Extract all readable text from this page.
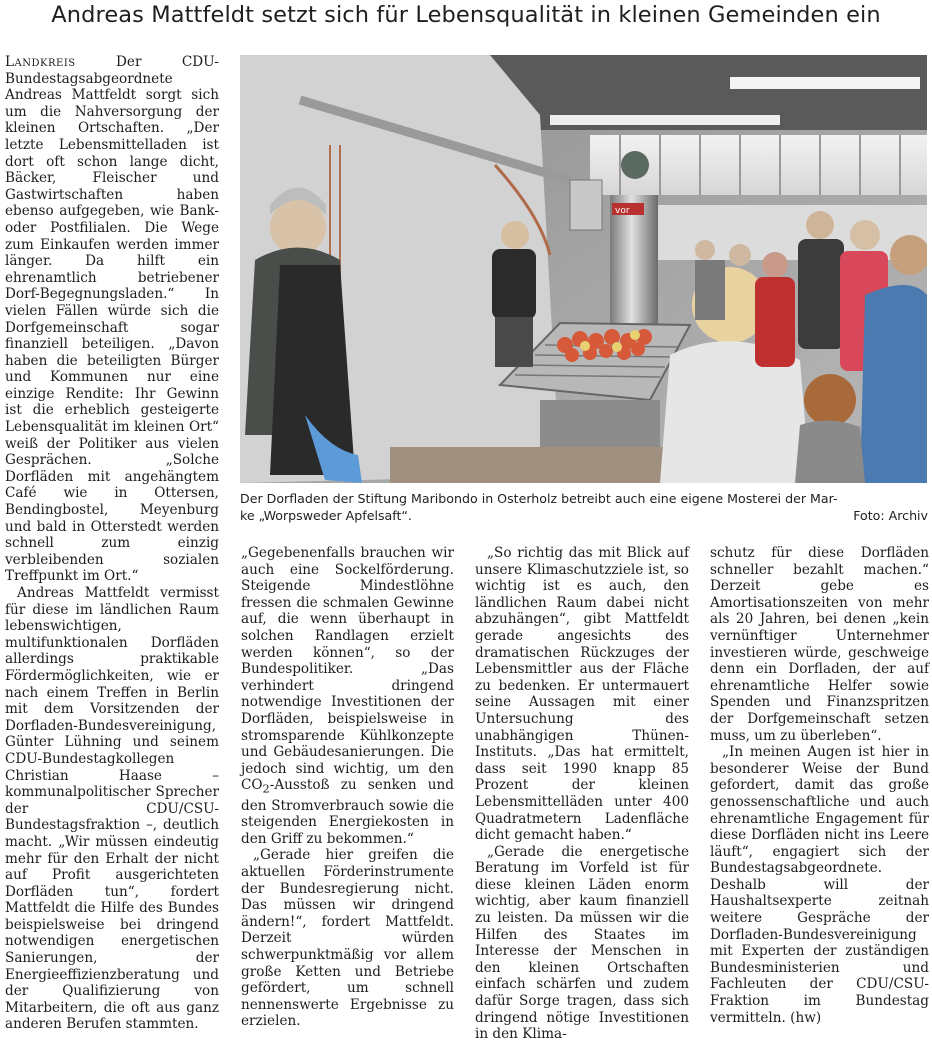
Andreas Mattfeldt setzt sich für Lebensqualität in kleinen Gemeinden ein

Landkreis Der CDU-Bundestagsabgeordnete Andreas Mattfeldt sorgt sich um die Nahversorgung der kleinen Ortschaften. „Der letzte Lebensmittelladen ist dort oft schon lange dicht, Bäcker, Fleischer und Gastwirtschaften haben ebenso aufgegeben, wie Bank- oder Postfilialen. Die Wege zum Einkaufen werden immer länger. Da hilft ein ehrenamtlich betriebener Dorf-Begegnungsladen.“ In vielen Fällen würde sich die Dorfgemeinschaft sogar finanziell beteiligen. „Davon haben die beteiligten Bürger und Kommunen nur eine einzige Rendite: Ihr Gewinn ist die erheblich gesteigerte Lebensqualität im kleinen Ort“ weiß der Politiker aus vielen Gesprächen. „Solche Dorfläden mit angehängtem Café wie in Ottersen, Bendingbostel, Meyenburg und bald in Otterstedt werden schnell zum einzig verbleibenden sozialen Treffpunkt im Ort.“

Andreas Mattfeldt vermisst für diese im ländlichen Raum lebenswichtigen, multifunktionalen Dorfläden allerdings praktikable Fördermöglichkeiten, wie er nach einem Treffen in Berlin mit dem Vorsitzenden der Dorfladen-Bundesvereinigung, Günter Lühning und seinem CDU-Bundestagkollegen Christian Haase – kommunalpolitischer Sprecher der CDU/CSU-Bundestagsfraktion –, deutlich macht. „Wir müssen eindeutig mehr für den Erhalt der nicht auf Profit ausgerichteten Dorfläden tun“, fordert Mattfeldt die Hilfe des Bundes beispielsweise bei dringend notwendigen energetischen Sanierungen, der Energieeffizienzberatung und der Qualifizierung von Mitarbeitern, die oft aus ganz anderen Berufen stammten.

vor
Der Dorfladen der Stiftung Maribondo in Osterholz betreibt auch eine eigene Mosterei der Mar-
ke „Worpsweder Apfelsaft“.	Foto: Archiv

„Gegebenenfalls brauchen wir auch eine Sockelförderung. Steigende Mindestlöhne fressen die schmalen Gewinne auf, die wenn überhaupt in solchen Randlagen erzielt werden können“, so der Bundespolitiker. „Das verhindert dringend notwendige Investitionen der Dorfläden, beispielsweise in stromsparende Kühlkonzepte und Gebäudesanierungen. Die jedoch sind wichtig, um den $CO_2$-Ausstoß zu senken und den Stromverbrauch sowie die steigenden Energiekosten in den Griff zu bekommen.“

„Gerade hier greifen die aktuellen Förderinstrumente der Bundesregierung nicht. Das müssen wir dringend ändern!“, fordert Mattfeldt. Derzeit würden schwerpunktmäßig vor allem große Ketten und Betriebe gefördert, um schnell nennenswerte Ergebnisse zu erzielen.

„So richtig das mit Blick auf unsere Klimaschutzziele ist, so wichtig ist es auch, den ländlichen Raum dabei nicht abzuhängen“, gibt Mattfeldt gerade angesichts des dramatischen Rückzuges der Lebensmittler aus der Fläche zu bedenken. Er untermauert seine Aussagen mit einer Untersuchung des unabhängigen Thünen-Instituts. „Das hat ermittelt, dass seit 1990 knapp 85 Prozent der kleinen Lebensmittelläden unter 400 Quadratmetern Ladenfläche dicht gemacht haben.“

„Gerade die energetische Beratung im Vorfeld ist für diese kleinen Läden enorm wichtig, aber kaum finanziell zu leisten. Da müssen wir die Hilfen des Staates im Interesse der Menschen in den kleinen Ortschaften einfach schärfen und zudem dafür Sorge tragen, dass sich dringend nötige Investitionen in den Klima-

schutz für diese Dorfläden schneller bezahlt machen.“ Derzeit gebe es Amortisationszeiten von mehr als 20 Jahren, bei denen „kein vernünftiger Unternehmer investieren würde, geschweige denn ein Dorfladen, der auf ehrenamtliche Helfer sowie Spenden und Finanzspritzen der Dorfgemeinschaft setzen muss, um zu überleben“.

„In meinen Augen ist hier in besonderer Weise der Bund gefordert, damit das große genossenschaftliche und auch ehrenamtliche Engagement für diese Dorfläden nicht ins Leere läuft“, engagiert sich der Bundestagsabgeordnete. Deshalb will der Haushaltsexperte zeitnah weitere Gespräche der Dorfladen-Bundesvereinigung mit Experten der zuständigen Bundesministerien und Fachleuten der CDU/CSU-Fraktion im Bundestag vermitteln. (hw)
